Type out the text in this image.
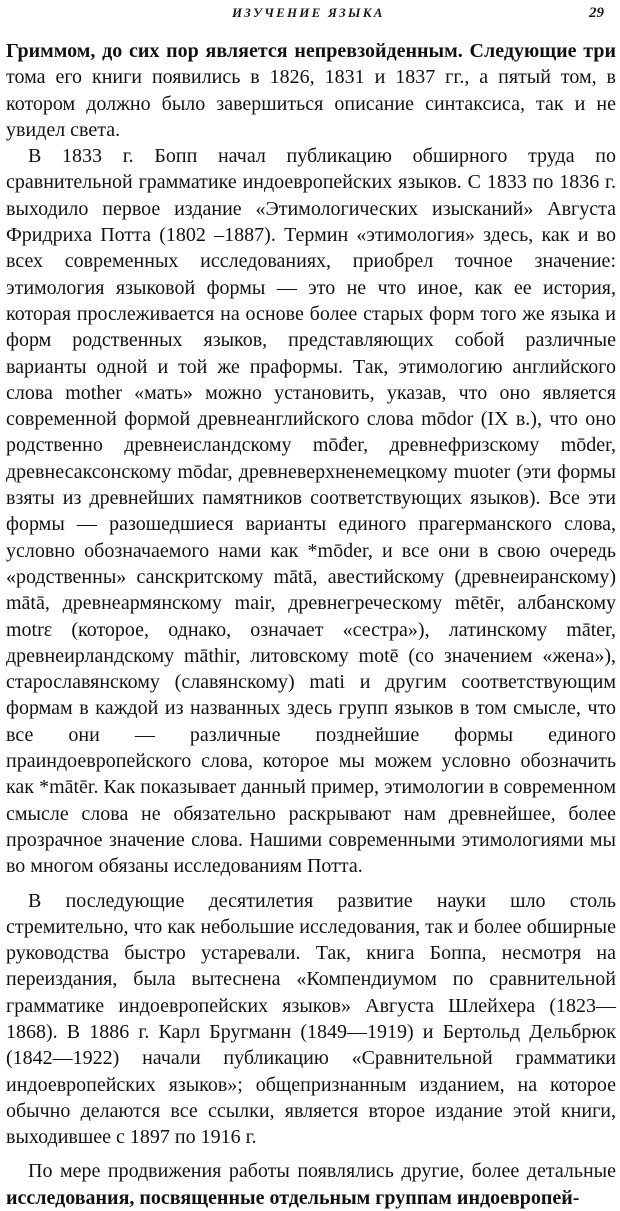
ИЗУЧЕНИЕ ЯЗЫКА	29

Гриммом, до сих пор является непревзойденным. Следующие три тома его книги появились в 1826, 1831 и 1837 гг., а пятый том, в котором должно было завершиться описание синтаксиса, так и не увидел света.

В 1833 г. Бопп начал публикацию обширного труда по сравнительной грамматике индоевропейских языков. С 1833 по 1836 г. выходило первое издание «Этимологических изысканий» Августа Фридриха Потта (1802 –1887). Термин «этимология» здесь, как и во всех современных исследованиях, приобрел точное значение: этимология языковой формы — это не что иное, как ее история, которая прослеживается на основе более старых форм того же языка и форм родственных языков, представляющих собой различные варианты одной и той же праформы. Так, этимологию английского слова mother «мать» можно установить, указав, что оно является современной формой древнеанглийского слова mōdor (IX в.), что оно родственно древнеисландскому mōđer, древнефризскому mōder, древнесаксонскому mōdar, древневерхненемецкому muoter (эти формы взяты из древнейших памятников соответствующих языков). Все эти формы — разошедшиеся варианты единого прагерманского слова, условно обозначаемого нами как *mōder, и все они в свою очередь «родственны» санскритскому mātā, авестийскому (древнеиранскому) mātā, древнеармянскому mair, древнегреческому mētēr, албанскому motrε (которое, однако, означает «сестра»), латинскому māter, древнеирландскому māthir, литовскому motē (со значением «жена»), старославянскому (славянскому) mati и другим соответствующим формам в каждой из названных здесь групп языков в том смысле, что все они — различные позднейшие формы единого праиндоевропейского слова, которое мы можем условно обозначить как *mātēr. Как показывает данный пример, этимологии в современном смысле слова не обязательно раскрывают нам древнейшее, более прозрачное значение слова. Нашими современными этимологиями мы во многом обязаны исследованиям Потта.

В последующие десятилетия развитие науки шло столь стремительно, что как небольшие исследования, так и более обширные руководства быстро устаревали. Так, книга Боппа, несмотря на переиздания, была вытеснена «Компендиумом по сравнительной грамматике индоевропейских языков» Августа Шлейхера (1823—1868). В 1886 г. Карл Бругманн (1849—1919) и Бертольд Дельбрюк (1842—1922) начали публикацию «Сравнительной грамматики индоевропейских языков»; общепризнанным изданием, на которое обычно делаются все ссылки, является второе издание этой книги, выходившее с 1897 по 1916 г.

По мере продвижения работы появлялись другие, более детальные исследования, посвященные отдельным группам индоевропей-
